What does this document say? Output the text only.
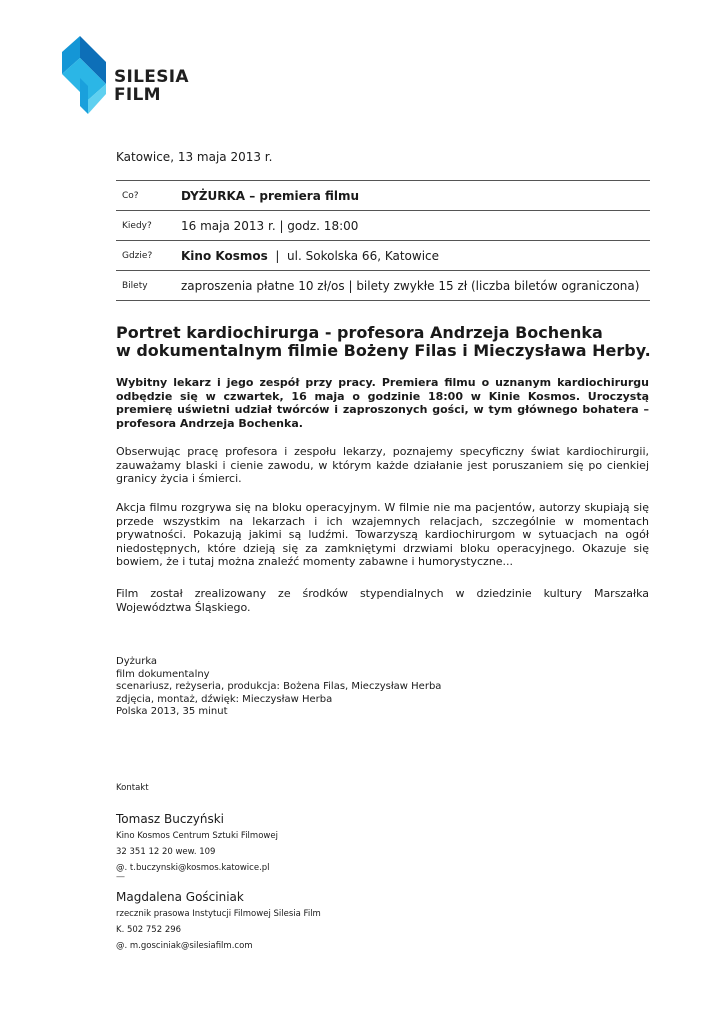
SILESIA
FILM
Katowice, 13 maja 2013 r.
Co?	DYŻURKA – premiera filmu
Kiedy?	16 maja 2013 r. | godz. 18:00
Gdzie?	Kino Kosmos  |  ul. Sokolska 66, Katowice
Bilety	zaproszenia płatne 10 zł/os | bilety zwykłe 15 zł (liczba biletów ograniczona)
Portret kardiochirurga - profesora Andrzeja Bochenka
w dokumentalnym filmie Bożeny Filas i Mieczysława Herby.
Wybitny lekarz i jego zespół przy pracy. Premiera filmu o uznanym kardiochirurgu odbędzie się w czwartek, 16 maja o godzinie 18:00 w Kinie Kosmos. Uroczystą premierę uświetni udział twórców i zaproszonych gości, w tym głównego bohatera – profesora Andrzeja Bochenka.
Obserwując pracę profesora i zespołu lekarzy, poznajemy specyficzny świat kardiochirurgii, zauważamy blaski i cienie zawodu, w którym każde działanie jest poruszaniem się po cienkiej granicy życia i śmierci.
Akcja filmu rozgrywa się na bloku operacyjnym. W filmie nie ma pacjentów, autorzy skupiają się przede wszystkim na lekarzach i ich wzajemnych relacjach, szczególnie w momentach prywatności. Pokazują jakimi są ludźmi. Towarzyszą kardiochirurgom w sytuacjach na ogół niedostępnych, które dzieją się za zamkniętymi drzwiami bloku operacyjnego. Okazuje się bowiem, że i tutaj można znaleźć momenty zabawne i humorystyczne...
Film został zrealizowany ze środków stypendialnych w dziedzinie kultury Marszałka Województwa Śląskiego.
Dyżurka
film dokumentalny
scenariusz, reżyseria, produkcja: Bożena Filas, Mieczysław Herba
zdjęcia, montaż, dźwięk: Mieczysław Herba
Polska 2013, 35 minut
Kontakt
Tomasz Buczyński
Kino Kosmos Centrum Sztuki Filmowej
32 351 12 20 wew. 109
@. t.buczynski@kosmos.katowice.pl
—
Magdalena Gościniak
rzecznik prasowa Instytucji Filmowej Silesia Film
K. 502 752 296
@. m.gosciniak@silesiafilm.com
